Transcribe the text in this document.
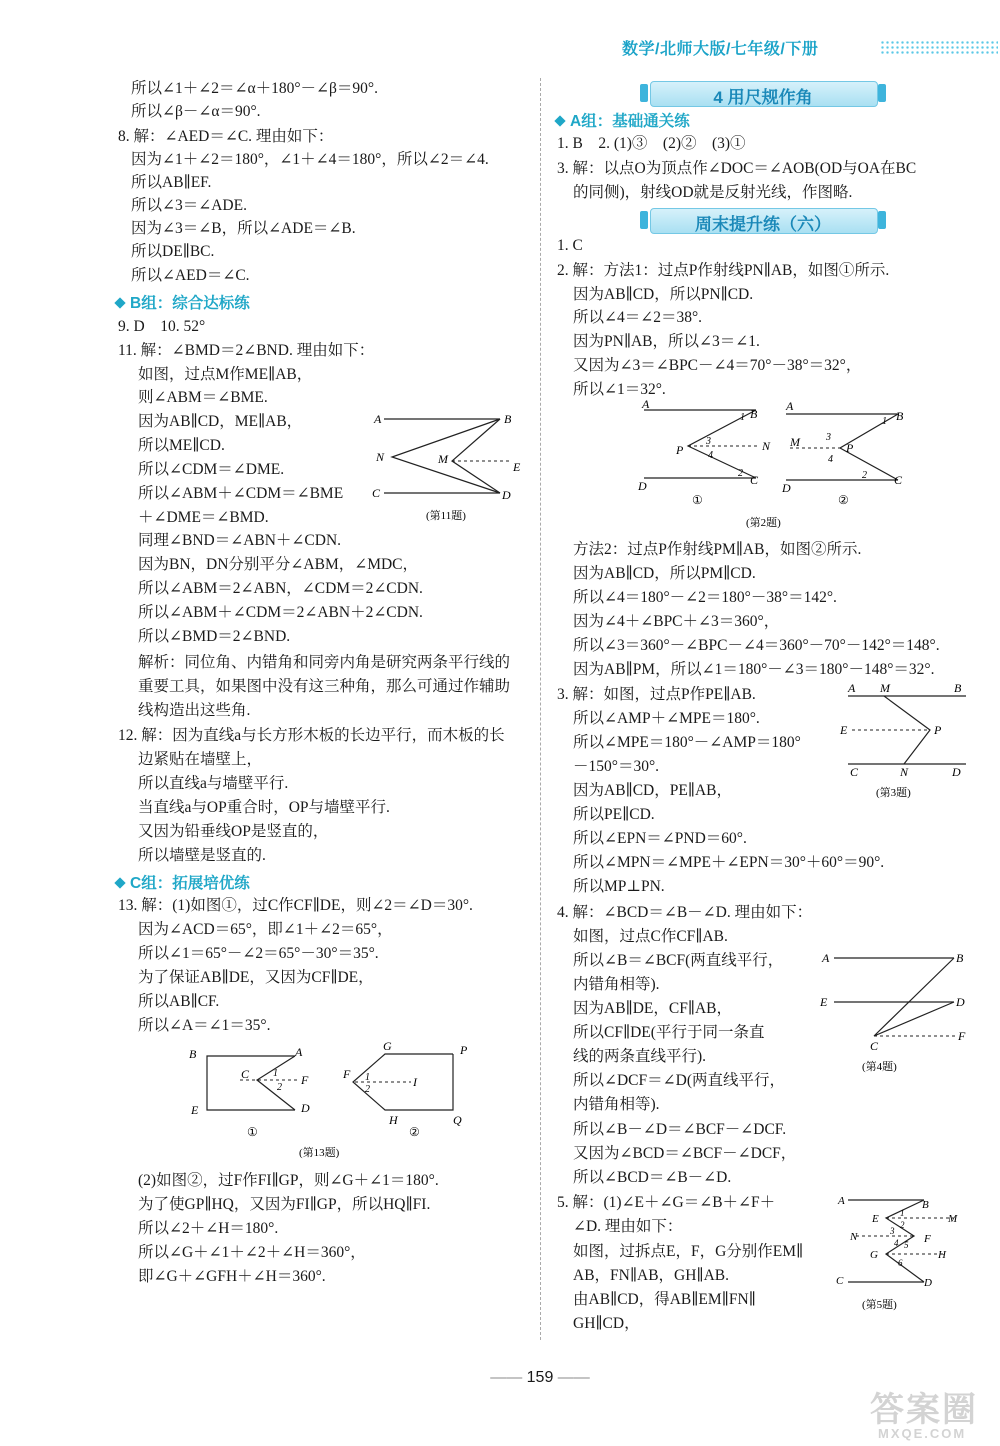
数学/北师大版/七年级/下册
所以∠1＋∠2＝∠α＋180°－∠β＝90°.
所以∠β－∠α＝90°.
8. 解：∠AED＝∠C. 理由如下：
因为∠1＋∠2＝180°，∠1＋∠4＝180°，所以∠2＝∠4.
所以AB∥EF.
所以∠3＝∠ADE.
因为∠3＝∠B，所以∠ADE＝∠B.
所以DE∥BC.
所以∠AED＝∠C.
9. D　10. 52°
11. 解：∠BMD＝2∠BND. 理由如下：
如图，过点M作ME∥AB，
则∠ABM＝∠BME.
因为AB∥CD，ME∥AB，
所以ME∥CD.
所以∠CDM＝∠DME.
所以∠ABM＋∠CDM＝∠BME
＋∠DME＝∠BMD.
同理∠BND＝∠ABN＋∠CDN.
因为BN，DN分别平分∠ABM，∠MDC，
所以∠ABM＝2∠ABN，∠CDM＝2∠CDN.
所以∠ABM＋∠CDM＝2∠ABN＋2∠CDN.
所以∠BMD＝2∠BND.
解析：同位角、内错角和同旁内角是研究两条平行线的
重要工具，如果图中没有这三种角，那么可通过作辅助
线构造出这些角.
12. 解：因为直线a与长方形木板的长边平行，而木板的长
边紧贴在墙壁上，
所以直线a与墙壁平行.
当直线a与OP重合时，OP与墙壁平行.
又因为铅垂线OP是竖直的，
所以墙壁是竖直的.
13. 解：(1)如图①，过C作CF∥DE，则∠2＝∠D＝30°.
因为∠ACD＝65°，即∠1＋∠2＝65°，
所以∠1＝65°－∠2＝65°－30°＝35°.
为了保证AB∥DE，又因为CF∥DE，
所以AB∥CF.
所以∠A＝∠1＝35°.
(2)如图②，过F作FI∥GP，则∠G＋∠1＝180°.
为了使GP∥HQ，又因为FI∥GP，所以HQ∥FI.
所以∠2＋∠H＝180°.
所以∠G＋∠1＋∠2＋∠H＝360°，
即∠G＋∠GFH＋∠H＝360°.
1. B　2. (1)③　(2)②　(3)①
3. 解：以点O为顶点作∠DOC＝∠AOB(OD与OA在BC
的同侧)，射线OD就是反射光线，作图略.
1. C
2. 解：方法1：过点P作射线PN∥AB，如图①所示.
因为AB∥CD，所以PN∥CD.
所以∠4＝∠2＝38°.
因为PN∥AB，所以∠3＝∠1.
又因为∠3＝∠BPC－∠4＝70°－38°＝32°，
所以∠1＝32°.
方法2：过点P作射线PM∥AB，如图②所示.
因为AB∥CD，所以PM∥CD.
所以∠4＝180°－∠2＝180°－38°＝142°.
因为∠4＋∠BPC＋∠3＝360°，
所以∠3＝360°－∠BPC－∠4＝360°－70°－142°＝148°.
因为AB∥PM，所以∠1＝180°－∠3＝180°－148°＝32°.
3. 解：如图，过点P作PE∥AB.
所以∠AMP＋∠MPE＝180°.
所以∠MPE＝180°－∠AMP＝180°
－150°＝30°.
因为AB∥CD，PE∥AB，
所以PE∥CD.
所以∠EPN＝∠PND＝60°.
所以∠MPN＝∠MPE＋∠EPN＝30°＋60°＝90°.
所以MP⊥PN.
4. 解：∠BCD＝∠B－∠D. 理由如下：
如图，过点C作CF∥AB.
所以∠B＝∠BCF(两直线平行，
内错角相等).
因为AB∥DE，CF∥AB，
所以CF∥DE(平行于同一条直
线的两条直线平行).
所以∠DCF＝∠D(两直线平行，
内错角相等).
所以∠B－∠D＝∠BCF－∠DCF.
又因为∠BCD＝∠BCF－∠DCF，
所以∠BCD＝∠B－∠D.
5. 解：(1)∠E＋∠G＝∠B＋∠F＋
∠D. 理由如下：
如图，过拆点E，F，G分别作EM∥
AB，FN∥AB，GH∥AB.
由AB∥CD，得AB∥EM∥FN∥
GH∥CD，
B组：综合达标练
C组：拓展培优练
A组：基础通关练
4 用尺规作角
周末提升练（六）
A	B
N	M
E
C	D
(第11题)
B	A
C	F
E	D
1
2
①
G	P
F
I
H	Q
1
2
②
(第13题)
A
B
P	N
D	C
1
3
4
2
①
A
B
M	P
D
C
1
3
4
2
②
(第2题)
A M	B
E	P
C	N	D
(第3题)
A	B
E	D
C
F
(第4题)
A	B
E	M
N	F
G	H
C	D
1
2
3
4 5
6
(第5题)
—— 159 ——
答案圈
MXQE.COM
